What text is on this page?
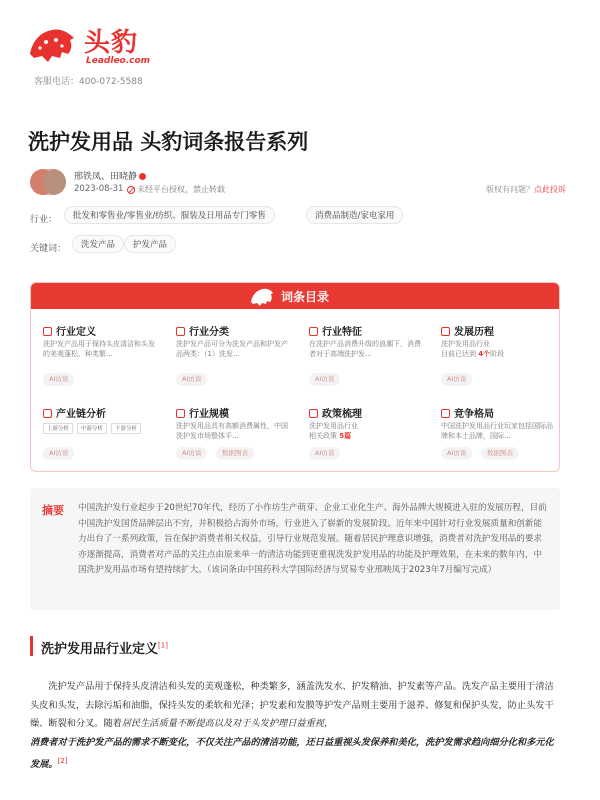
头豹
Leadleo.com
客服电话：400-072-5588
洗护发用品 头豹词条报告系列
邢铁凤、田晓静
2023-08-31	未经平台授权，禁止转载	版权有问题？点此投诉
行业：	批发和零售业/零售业/纺织、服装及日用品专门零售	消费品制造/家电家用
关键词：	洗发产品	护发产品
词条目录
行业定义
洗护发产品用于保持头皮清洁和头发的美观蓬松，种类繁...
AI访谈
行业分类
洗护发产品可分为洗发产品和护发产品两类：（1）洗发...
AI访谈
行业特征
在洗护产品消费升级的浪潮下，消费者对于高端洗护发...
AI访谈
发展历程
洗护发用品行业
目前已达到 4个阶段
AI访谈
产业链分析
上游分析	中游分析	下游分析
AI访谈
行业规模
洗护发用品具有高额消费属性，中国洗护发市场整体平...
AI访谈	数据图表
政策梳理
洗护发用品行业
相关政策 5篇
AI访谈
竞争格局
中国洗护发用品行业玩家包括国际品牌和本土品牌，国际...
AI访谈	数据图表
摘要 中国洗护发行业起步于20世纪70年代，经历了小作坊生产萌芽、企业工业化生产、海外品牌大规模进入驻的发展历程，目前中国洗护发国货品牌层出不穷，并积极拾占海外市场，行业进入了崭新的发展阶段。近年来中国针对行业发展质量和创新能力出台了一系列政策，旨在保护消费者相关权益，引导行业规范发展。随着居民护理意识增强，消费者对洗护发用品的要求亦逐渐提高，消费者对产品的关注点由原来单一的清洁功能到更重视洗发护发用品的功能及护理效果，在未来的数年内，中国洗护发用品市场有望持续扩大。（该词条由中国药科大学国际经济与贸易专业邢映凤于2023年7月编写完成）

洗护发用品行业定义[1]

洗护发产品用于保持头皮清洁和头发的美观蓬松，种类繁多，涵盖洗发水、护发精油、护发素等产品。洗发产品主要用于清洁头皮和头发，去除污垢和油脂，保持头发的柔软和光泽；护发素和发膜等护发产品则主要用于滋养、修复和保护头发，防止头发干燥、断裂和分叉。随着居民生活质量不断提高以及对于头发护理日益重视，
消费者对于洗护发产品的需求不断变化，不仅关注产品的清洁功能，还日益重视头发保养和美化，洗护发需求趋向细分化和多元化发展。[2]
